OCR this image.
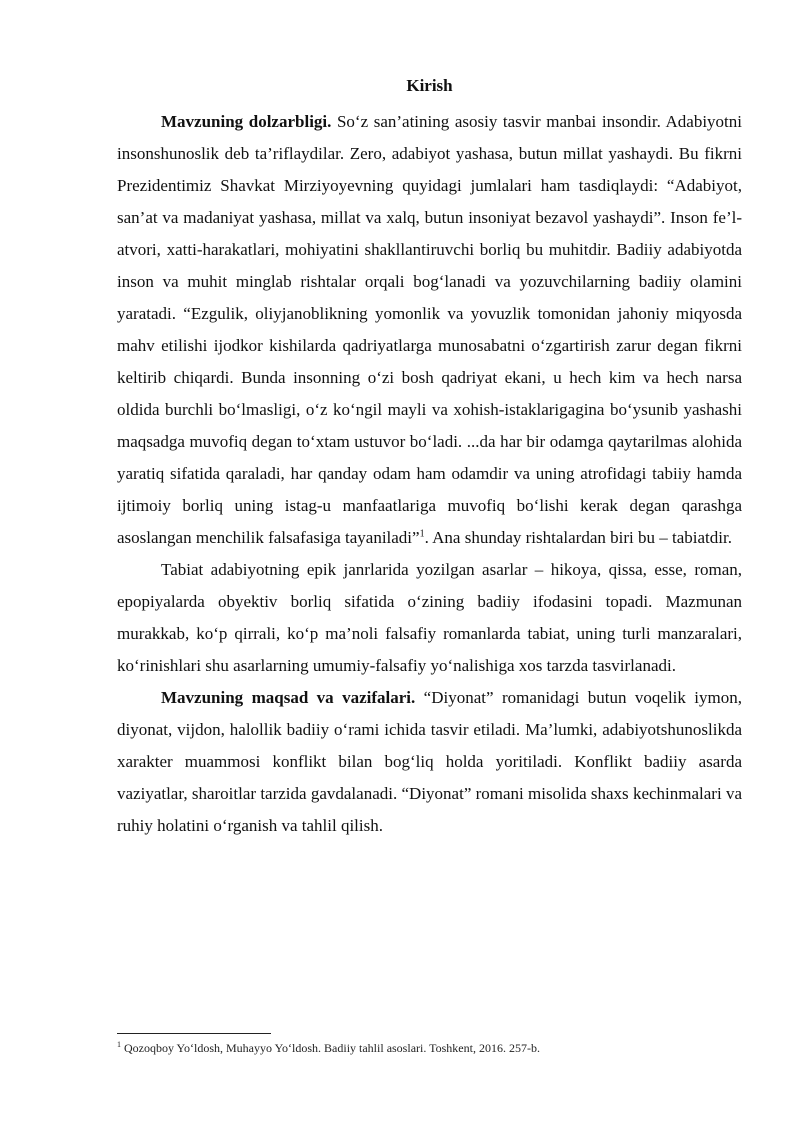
Kirish

Mavzuning dolzarbligi. So‘z san’atining asosiy tasvir manbai insondir. Adabiyotni insonshunoslik deb ta’riflaydilar. Zero, adabiyot yashasa, butun millat yashaydi. Bu fikrni Prezidentimiz Shavkat Mirziyoyevning quyidagi jumlalari ham tasdiqlaydi: “Adabiyot, san’at va madaniyat yashasa, millat va xalq, butun insoniyat bezavol yashaydi”. Inson fe’l-atvori, xatti-harakatlari, mohiyatini shakllantiruvchi borliq bu muhitdir. Badiiy adabiyotda inson va muhit minglab rishtalar orqali bog‘lanadi va yozuvchilarning badiiy olamini yaratadi. “Ezgulik, oliyjanoblikning yomonlik va yovuzlik tomonidan jahoniy miqyosda mahv etilishi ijodkor kishilarda qadriyatlarga munosabatni o‘zgartirish zarur degan fikrni keltirib chiqardi. Bunda insonning o‘zi bosh qadriyat ekani, u hech kim va hech narsa oldida burchli bo‘lmasligi, o‘z ko‘ngil mayli va xohish-istaklarigagina bo‘ysunib yashashi maqsadga muvofiq degan to‘xtam ustuvor bo‘ladi. ...da har bir odamga qaytarilmas alohida yaratiq sifatida qaraladi, har qanday odam ham odamdir va uning atrofidagi tabiiy hamda ijtimoiy borliq uning istag-u manfaatlariga muvofiq bo‘lishi kerak degan qarashga asoslangan menchilik falsafasiga tayaniladi”$^1$. Ana shunday rishtalardan biri bu – tabiatdir.

Tabiat adabiyotning epik janrlarida yozilgan asarlar – hikoya, qissa, esse, roman, epopiyalarda obyektiv borliq sifatida o‘zining badiiy ifodasini topadi. Mazmunan murakkab, ko‘p qirrali, ko‘p ma’noli falsafiy romanlarda tabiat, uning turli manzaralari, ko‘rinishlari shu asarlarning umumiy-falsafiy yo‘nalishiga xos tarzda tasvirlanadi.

Mavzuning maqsad va vazifalari. “Diyonat” romanidagi butun voqelik iymon, diyonat, vijdon, halollik badiiy o‘rami ichida tasvir etiladi. Ma’lumki, adabiyotshunoslikda xarakter muammosi konflikt bilan bog‘liq holda yoritiladi. Konflikt badiiy asarda vaziyatlar, sharoitlar tarzida gavdalanadi. “Diyonat” romani misolida shaxs kechinmalari va ruhiy holatini o‘rganish va tahlil qilish.

$^1$ Qozoqboy Yo‘ldosh, Muhayyo Yo‘ldosh. Badiiy tahlil asoslari. Toshkent, 2016. 257-b.
